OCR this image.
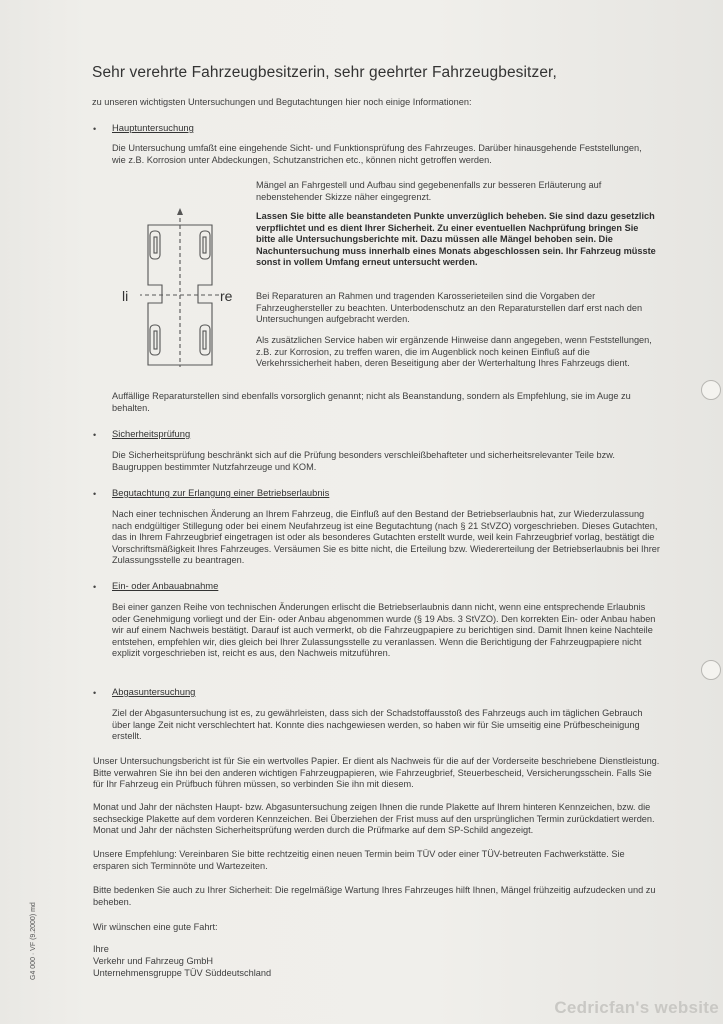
Sehr verehrte Fahrzeugbesitzerin, sehr geehrter Fahrzeugbesitzer,
zu unseren wichtigsten Untersuchungen und Begutachtungen hier noch einige Informationen:
• Hauptuntersuchung
Die Untersuchung umfaßt eine eingehende Sicht- und Funktionsprüfung des Fahrzeuges. Darüber hinausgehende Feststellungen, wie z.B. Korrosion unter Abdeckungen, Schutzanstrichen etc., können nicht getroffen werden.
Mängel an Fahrgestell und Aufbau sind gegebenenfalls zur besseren Erläuterung auf nebenstehender Skizze näher eingegrenzt.
Lassen Sie bitte alle beanstandeten Punkte unverzüglich beheben. Sie sind dazu gesetzlich verpflichtet und es dient Ihrer Sicherheit. Zu einer eventuellen Nachprüfung bringen Sie bitte alle Untersuchungsberichte mit. Dazu müssen alle Mängel behoben sein. Die Nachuntersuchung muss innerhalb eines Monats abgeschlossen sein. Ihr Fahrzeug müsste sonst in vollem Umfang erneut untersucht werden.
Bei Reparaturen an Rahmen und tragenden Karosserieteilen sind die Vorgaben der Fahrzeughersteller zu beachten. Unterbodenschutz an den Reparaturstellen darf erst nach den Untersuchungen aufgebracht werden.
Als zusätzlichen Service haben wir ergänzende Hinweise dann angegeben, wenn Feststellungen, z.B. zur Korrosion, zu treffen waren, die im Augenblick noch keinen Einfluß auf die Verkehrssicherheit haben, deren Beseitigung aber der Werterhaltung Ihres Fahrzeugs dient.
li	re
Auffällige Reparaturstellen sind ebenfalls vorsorglich genannt; nicht als Beanstandung, sondern als Empfehlung, sie im Auge zu behalten.
• Sicherheitsprüfung
Die Sicherheitsprüfung beschränkt sich auf die Prüfung besonders verschleißbehafteter und sicherheitsrelevanter Teile bzw. Baugruppen bestimmter Nutzfahrzeuge und KOM.
• Begutachtung zur Erlangung einer Betriebserlaubnis
Nach einer technischen Änderung an Ihrem Fahrzeug, die Einfluß auf den Bestand der Betriebserlaubnis hat, zur Wiederzulassung nach endgültiger Stillegung oder bei einem Neufahrzeug ist eine Begutachtung (nach § 21 StVZO) vorgeschrieben. Dieses Gutachten, das in Ihrem Fahrzeugbrief eingetragen ist oder als besonderes Gutachten erstellt wurde, weil kein Fahrzeugbrief vorlag, bestätigt die Vorschriftsmäßigkeit Ihres Fahrzeuges. Versäumen Sie es bitte nicht, die Erteilung bzw. Wiedererteilung der Betriebserlaubnis bei Ihrer Zulassungsstelle zu beantragen.
• Ein- oder Anbauabnahme
Bei einer ganzen Reihe von technischen Änderungen erlischt die Betriebserlaubnis dann nicht, wenn eine entsprechende Erlaubnis oder Genehmigung vorliegt und der Ein- oder Anbau abgenommen wurde (§ 19 Abs. 3 StVZO). Den korrekten Ein- oder Anbau haben wir auf einem Nachweis bestätigt. Darauf ist auch vermerkt, ob die Fahrzeugpapiere zu berichtigen sind. Damit Ihnen keine Nachteile entstehen, empfehlen wir, dies gleich bei Ihrer Zulassungsstelle zu veranlassen. Wenn die Berichtigung der Fahrzeugpapiere nicht explizit vorgeschrieben ist, reicht es aus, den Nachweis mitzuführen.
• Abgasuntersuchung
Ziel der Abgasuntersuchung ist es, zu gewährleisten, dass sich der Schadstoffausstoß des Fahrzeugs auch im täglichen Gebrauch über lange Zeit nicht verschlechtert hat. Konnte dies nachgewiesen werden, so haben wir für Sie umseitig eine Prüfbescheinigung erstellt.
Unser Untersuchungsbericht ist für Sie ein wertvolles Papier. Er dient als Nachweis für die auf der Vorderseite beschriebene Dienstleistung. Bitte verwahren Sie ihn bei den anderen wichtigen Fahrzeugpapieren, wie Fahrzeugbrief, Steuerbescheid, Versicherungsschein. Falls Sie für Ihr Fahrzeug ein Prüfbuch führen müssen, so verbinden Sie ihn mit diesem.
Monat und Jahr der nächsten Haupt- bzw. Abgasuntersuchung zeigen Ihnen die runde Plakette auf Ihrem hinteren Kennzeichen, bzw. die sechseckige Plakette auf dem vorderen Kennzeichen. Bei Überziehen der Frist muss auf den ursprünglichen Termin zurückdatiert werden. Monat und Jahr der nächsten Sicherheitsprüfung werden durch die Prüfmarke auf dem SP-Schild angezeigt.
Unsere Empfehlung: Vereinbaren Sie bitte rechtzeitig einen neuen Termin beim TÜV oder einer TÜV-betreuten Fachwerkstätte. Sie ersparen sich Terminnöte und Wartezeiten.
Bitte bedenken Sie auch zu Ihrer Sicherheit: Die regelmäßige Wartung Ihres Fahrzeuges hilft Ihnen, Mängel frühzeitig aufzudecken und zu beheben.
Wir wünschen eine gute Fahrt:
Ihre
Verkehr und Fahrzeug GmbH
Unternehmensgruppe TÜV Süddeutschland
G4 000 · VF (9.2000) md
Cedricfan's website
